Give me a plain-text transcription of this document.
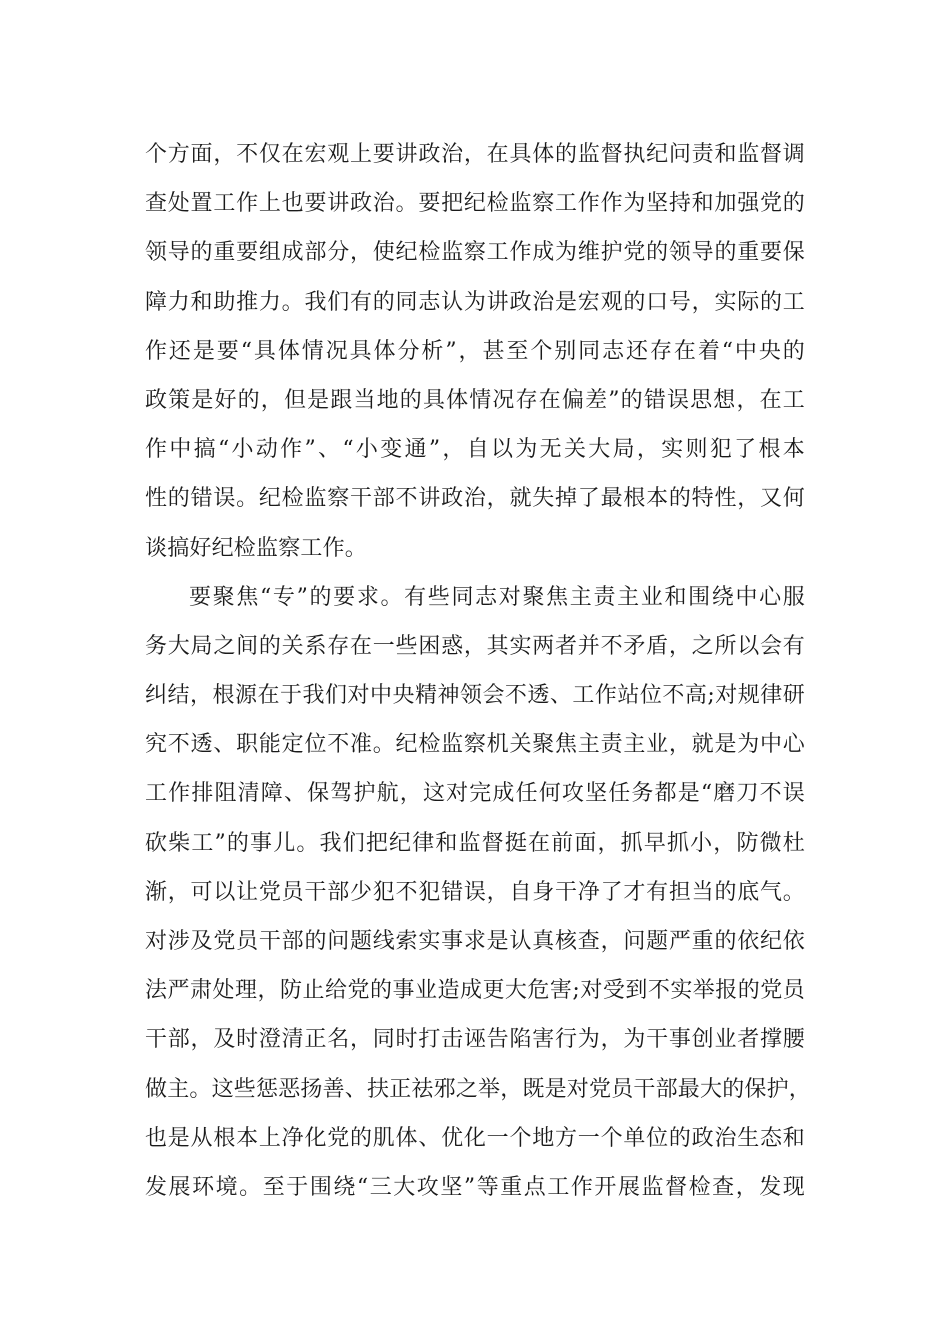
个方面，不仅在宏观上要讲政治，在具体的监督执纪问责和监督调
查处置工作上也要讲政治。要把纪检监察工作作为坚持和加强党的
领导的重要组成部分，使纪检监察工作成为维护党的领导的重要保
障力和助推力。我们有的同志认为讲政治是宏观的口号，实际的工
作还是要“具体情况具体分析”，甚至个别同志还存在着“中央的
政策是好的，但是跟当地的具体情况存在偏差”的错误思想，在工
作中搞“小动作”、“小变通”，自以为无关大局，实则犯了根本
性的错误。纪检监察干部不讲政治，就失掉了最根本的特性，又何
谈搞好纪检监察工作。
要聚焦“专”的要求。有些同志对聚焦主责主业和围绕中心服
务大局之间的关系存在一些困惑，其实两者并不矛盾，之所以会有
纠结，根源在于我们对中央精神领会不透、工作站位不高;对规律研
究不透、职能定位不准。纪检监察机关聚焦主责主业，就是为中心
工作排阻清障、保驾护航，这对完成任何攻坚任务都是“磨刀不误
砍柴工”的事儿。我们把纪律和监督挺在前面，抓早抓小，防微杜
渐，可以让党员干部少犯不犯错误，自身干净了才有担当的底气。
对涉及党员干部的问题线索实事求是认真核查，问题严重的依纪依
法严肃处理，防止给党的事业造成更大危害;对受到不实举报的党员
干部，及时澄清正名，同时打击诬告陷害行为，为干事创业者撑腰
做主。这些惩恶扬善、扶正祛邪之举，既是对党员干部最大的保护，
也是从根本上净化党的肌体、优化一个地方一个单位的政治生态和
发展环境。至于围绕“三大攻坚”等重点工作开展监督检查，发现
